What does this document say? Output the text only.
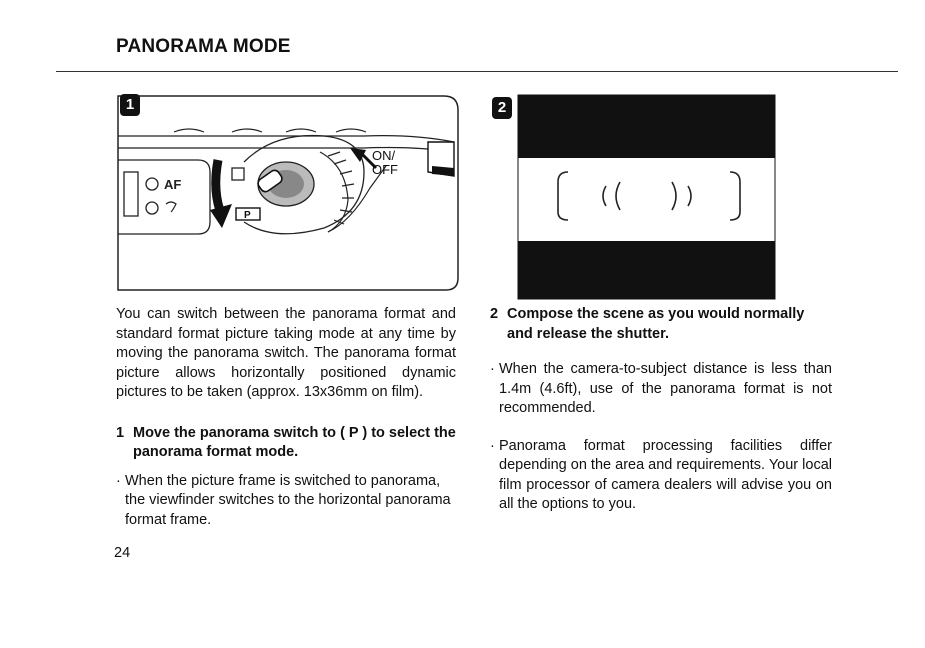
PANORAMA MODE
AF
P
ON/
OFF
1	2

You can switch between the panorama format and standard format picture taking mode at any time by moving the panorama switch. The panorama format picture allows horizontally positioned dynamic pictures to be taken (approx. 13x36mm on film).

1 Move the panorama switch to ( P ) to select the panorama format mode.
· When the picture frame is switched to panorama, the viewfinder switches to the horizontal panorama format frame.
24
2 Compose the scene as you would normally and release the shutter.
· When the camera-to-subject distance is less than 1.4m (4.6ft), use of the panorama format is not recommended.
· Panorama format processing facilities differ depending on the area and requirements. Your local film processor of camera dealers will advise you on all the options to you.
